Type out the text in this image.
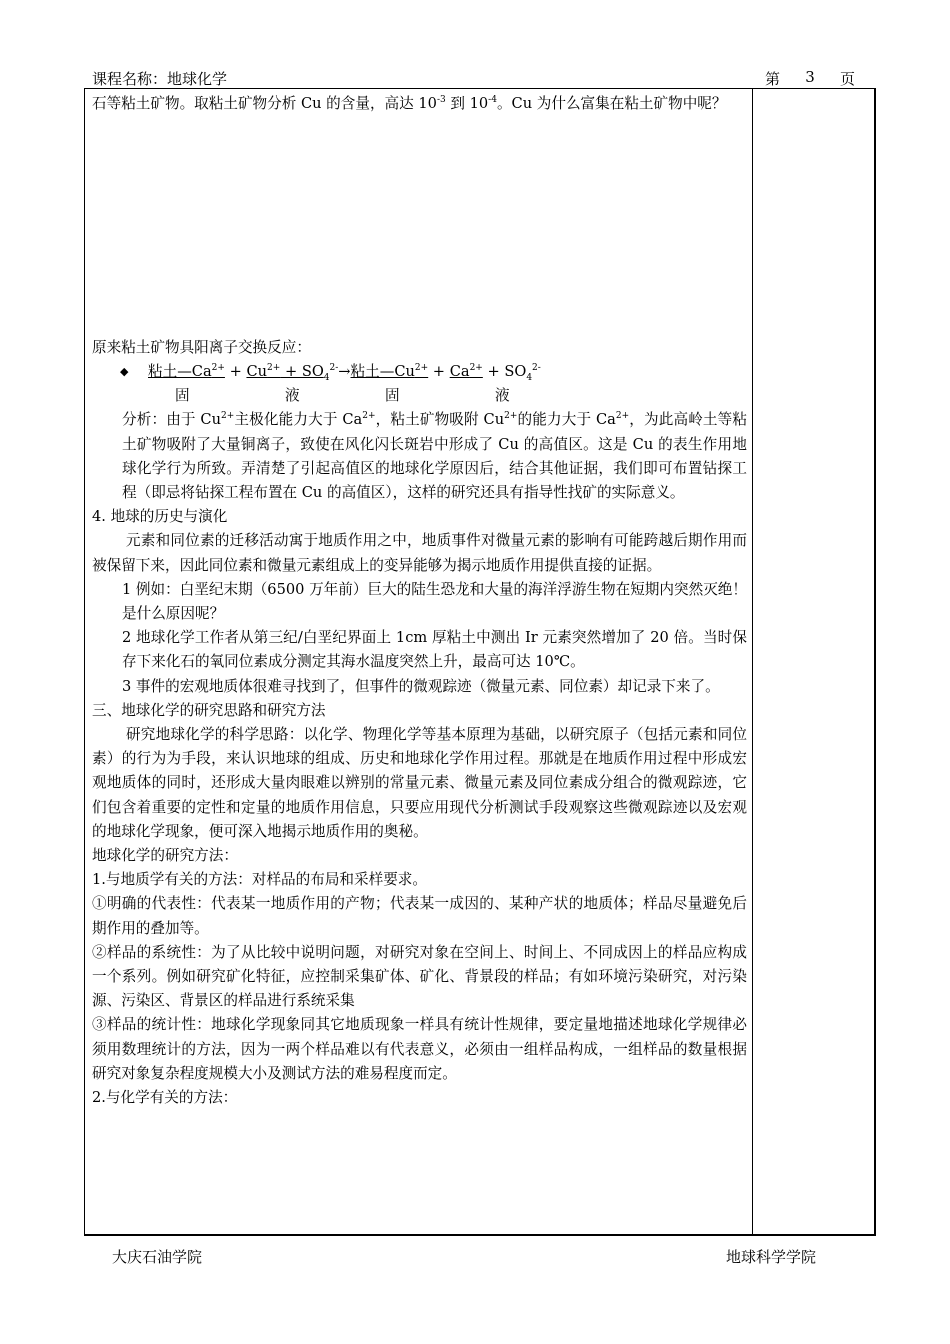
课程名称：地球化学	第 3 页

石等粘土矿物。取粘土矿物分析 Cu 的含量，高达 $10^{-3}$ 到 $10^{-4}$。Cu 为什么富集在粘土矿物中呢？

原来粘土矿物具阳离子交换反应：

◆ 粘土$—Ca^{2+} + Cu^{2+} + SO_4^{2-}\to$粘土$—Cu^{2+} + Ca^{2+} + SO_4^{2-}$
固	液	固	液

分析：由于 $Cu^{2+}$主极化能力大于 $Ca^{2+}$，粘土矿物吸附 $Cu^{2+}$的能力大于 $Ca^{2+}$，为此高岭土等粘土矿物吸附了大量铜离子，致使在风化闪长斑岩中形成了 Cu 的高值区。这是 Cu 的表生作用地球化学行为所致。弄清楚了引起高值区的地球化学原因后，结合其他证据，我们即可布置钻探工程（即忌将钻探工程布置在 Cu 的高值区），这样的研究还具有指导性找矿的实际意义。

4. 地球的历史与演化

元素和同位素的迁移活动寓于地质作用之中，地质事件对微量元素的影响有可能跨越后期作用而被保留下来，因此同位素和微量元素组成上的变异能够为揭示地质作用提供直接的证据。

1 例如：白垩纪末期（6500 万年前）巨大的陆生恐龙和大量的海洋浮游生物在短期内突然灭绝！是什么原因呢？

2 地球化学工作者从第三纪/白垩纪界面上 1cm 厚粘土中测出 Ir 元素突然增加了 20 倍。当时保存下来化石的氧同位素成分测定其海水温度突然上升，最高可达 10℃。

3 事件的宏观地质体很难寻找到了，但事件的微观踪迹（微量元素、同位素）却记录下来了。

三、地球化学的研究思路和研究方法

研究地球化学的科学思路：以化学、物理化学等基本原理为基础，以研究原子（包括元素和同位素）的行为为手段，来认识地球的组成、历史和地球化学作用过程。那就是在地质作用过程中形成宏观地质体的同时，还形成大量肉眼难以辨别的常量元素、微量元素及同位素成分组合的微观踪迹，它们包含着重要的定性和定量的地质作用信息，只要应用现代分析测试手段观察这些微观踪迹以及宏观的地球化学现象，便可深入地揭示地质作用的奥秘。

地球化学的研究方法：

1.与地质学有关的方法：对样品的布局和采样要求。

①明确的代表性：代表某一地质作用的产物；代表某一成因的、某种产状的地质体；样品尽量避免后期作用的叠加等。

②样品的系统性：为了从比较中说明问题，对研究对象在空间上、时间上、不同成因上的样品应构成一个系列。例如研究矿化特征，应控制采集矿体、矿化、背景段的样品；有如环境污染研究，对污染源、污染区、背景区的样品进行系统采集

③样品的统计性：地球化学现象同其它地质现象一样具有统计性规律，要定量地描述地球化学规律必须用数理统计的方法，因为一两个样品难以有代表意义，必须由一组样品构成，一组样品的数量根据研究对象复杂程度规模大小及测试方法的难易程度而定。

2.与化学有关的方法：

大庆石油学院	地球科学学院
